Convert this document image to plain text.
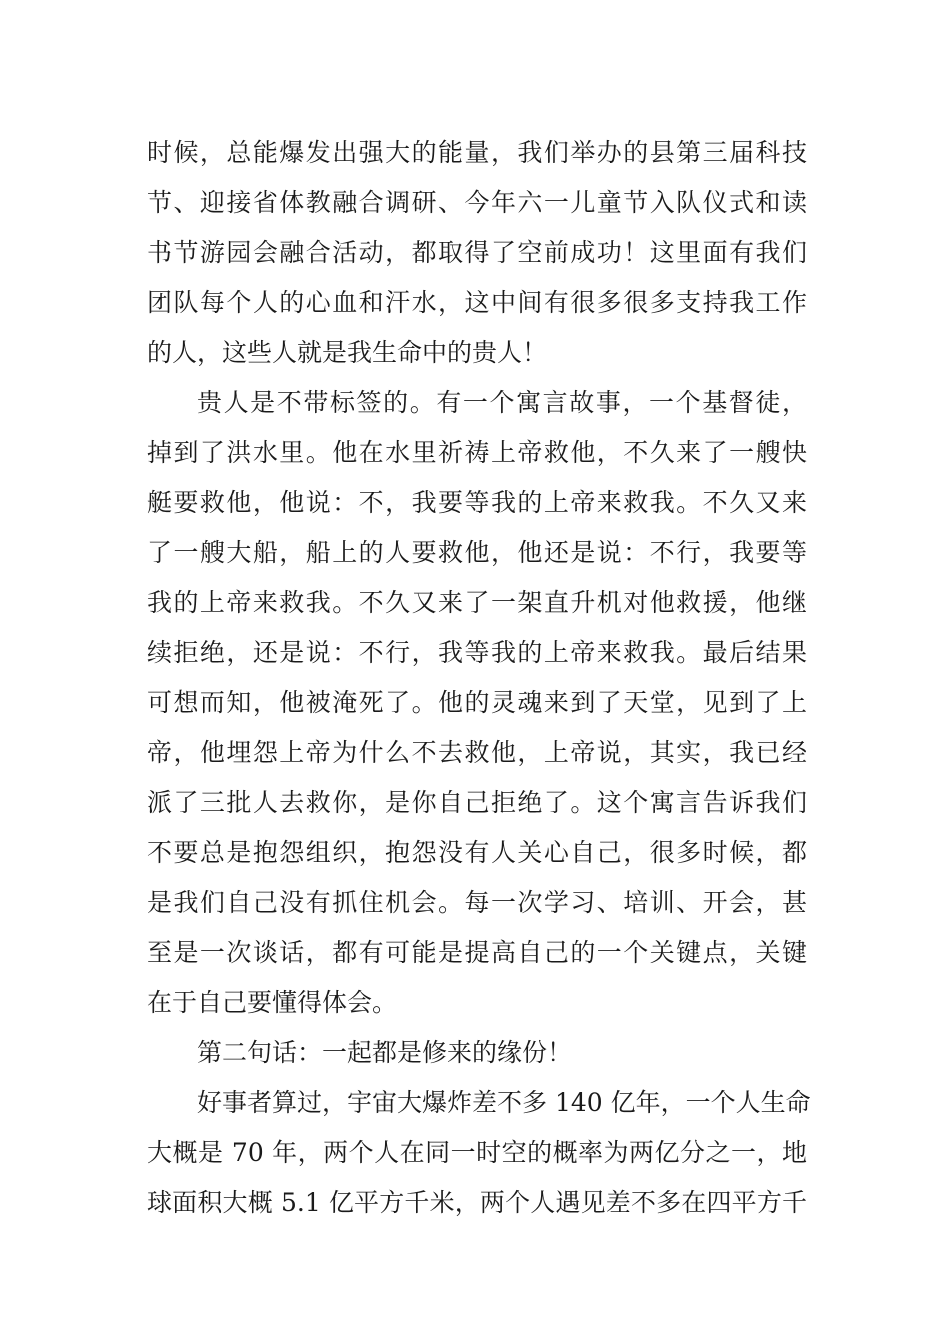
时候，总能爆发出强大的能量，我们举办的县第三届科技
节、迎接省体教融合调研、今年六一儿童节入队仪式和读
书节游园会融合活动，都取得了空前成功！这里面有我们
团队每个人的心血和汗水，这中间有很多很多支持我工作
的人，这些人就是我生命中的贵人！
贵人是不带标签的。有一个寓言故事，一个基督徒，
掉到了洪水里。他在水里祈祷上帝救他，不久来了一艘快
艇要救他，他说：不，我要等我的上帝来救我。不久又来
了一艘大船，船上的人要救他，他还是说：不行，我要等
我的上帝来救我。不久又来了一架直升机对他救援，他继
续拒绝，还是说：不行，我等我的上帝来救我。最后结果
可想而知，他被淹死了。他的灵魂来到了天堂，见到了上
帝，他埋怨上帝为什么不去救他，上帝说，其实，我已经
派了三批人去救你，是你自己拒绝了。这个寓言告诉我们
不要总是抱怨组织，抱怨没有人关心自己，很多时候，都
是我们自己没有抓住机会。每一次学习、培训、开会，甚
至是一次谈话，都有可能是提高自己的一个关键点，关键
在于自己要懂得体会。
第二句话：一起都是修来的缘份！
好事者算过，宇宙大爆炸差不多 140 亿年，一个人生命
大概是 70 年，两个人在同一时空的概率为两亿分之一，地
球面积大概 5.1 亿平方千米，两个人遇见差不多在四平方千
